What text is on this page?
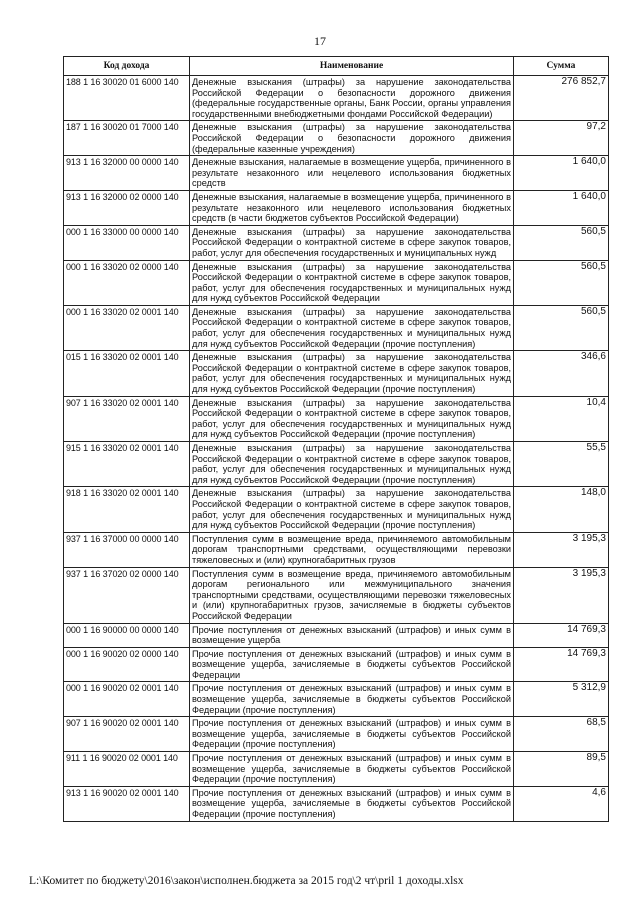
17
Код дохода	Наименование	Сумма
188 1 16 30020 01 6000 140	Денежные взыскания (штрафы) за нарушение законодательства Российской Федерации о безопасности дорожного движения (федеральные государственные органы, Банк России, органы управления государственными внебюджетными фондами Российской Федерации)	276 852,7
187 1 16 30020 01 7000 140	Денежные взыскания (штрафы) за нарушение законодательства Российской Федерации о безопасности дорожного движения (федеральные казенные учреждения)	97,2
913 1 16 32000 00 0000 140	Денежные взыскания, налагаемые в возмещение ущерба, причиненного в результате незаконного или нецелевого использования бюджетных средств	1 640,0
913 1 16 32000 02 0000 140	Денежные взыскания, налагаемые в возмещение ущерба, причиненного в результате незаконного или нецелевого использования бюджетных средств (в части бюджетов субъектов Российской Федерации)	1 640,0
000 1 16 33000 00 0000 140	Денежные взыскания (штрафы) за нарушение законодательства Российской Федерации о контрактной системе в сфере закупок товаров, работ, услуг для обеспечения государственных и муниципальных нужд	560,5
000 1 16 33020 02 0000 140	Денежные взыскания (штрафы) за нарушение законодательства Российской Федерации о контрактной системе в сфере закупок товаров, работ, услуг для обеспечения государственных и муниципальных нужд для нужд субъектов Российской Федерации	560,5
000 1 16 33020 02 0001 140	Денежные взыскания (штрафы) за нарушение законодательства Российской Федерации о контрактной системе в сфере закупок товаров, работ, услуг для обеспечения государственных и муниципальных нужд для нужд субъектов Российской Федерации (прочие поступления)	560,5
015 1 16 33020 02 0001 140	Денежные взыскания (штрафы) за нарушение законодательства Российской Федерации о контрактной системе в сфере закупок товаров, работ, услуг для обеспечения государственных и муниципальных нужд для нужд субъектов Российской Федерации (прочие поступления)	346,6
907 1 16 33020 02 0001 140	Денежные взыскания (штрафы) за нарушение законодательства Российской Федерации о контрактной системе в сфере закупок товаров, работ, услуг для обеспечения государственных и муниципальных нужд для нужд субъектов Российской Федерации (прочие поступления)	10,4
915 1 16 33020 02 0001 140	Денежные взыскания (штрафы) за нарушение законодательства Российской Федерации о контрактной системе в сфере закупок товаров, работ, услуг для обеспечения государственных и муниципальных нужд для нужд субъектов Российской Федерации (прочие поступления)	55,5
918 1 16 33020 02 0001 140	Денежные взыскания (штрафы) за нарушение законодательства Российской Федерации о контрактной системе в сфере закупок товаров, работ, услуг для обеспечения государственных и муниципальных нужд для нужд субъектов Российской Федерации (прочие поступления)	148,0
937 1 16 37000 00 0000 140	Поступления сумм в возмещение вреда, причиняемого автомобильным дорогам транспортными средствами, осуществляющими перевозки тяжеловесных и (или) крупногабаритных грузов	3 195,3
937 1 16 37020 02 0000 140	Поступления сумм в возмещение вреда, причиняемого автомобильным дорогам регионального или межмуниципального значения транспортными средствами, осуществляющими перевозки тяжеловесных и (или) крупногабаритных грузов, зачисляемые в бюджеты субъектов Российской Федерации	3 195,3
000 1 16 90000 00 0000 140	Прочие поступления от денежных взысканий (штрафов) и иных сумм в возмещение ущерба	14 769,3
000 1 16 90020 02 0000 140	Прочие поступления от денежных взысканий (штрафов) и иных сумм в возмещение ущерба, зачисляемые в бюджеты субъектов Российской Федерации	14 769,3
000 1 16 90020 02 0001 140	Прочие поступления от денежных взысканий (штрафов) и иных сумм в возмещение ущерба, зачисляемые в бюджеты субъектов Российской Федерации (прочие поступления)	5 312,9
907 1 16 90020 02 0001 140	Прочие поступления от денежных взысканий (штрафов) и иных сумм в возмещение ущерба, зачисляемые в бюджеты субъектов Российской Федерации (прочие поступления)	68,5
911 1 16 90020 02 0001 140	Прочие поступления от денежных взысканий (штрафов) и иных сумм в возмещение ущерба, зачисляемые в бюджеты субъектов Российской Федерации (прочие поступления)	89,5
913 1 16 90020 02 0001 140	Прочие поступления от денежных взысканий (штрафов) и иных сумм в возмещение ущерба, зачисляемые в бюджеты субъектов Российской Федерации (прочие поступления)	4,6
L:\Комитет по бюджету\2016\закон\исполнен.бюджета за 2015 год\2 чт\pril 1 доходы.xlsx
